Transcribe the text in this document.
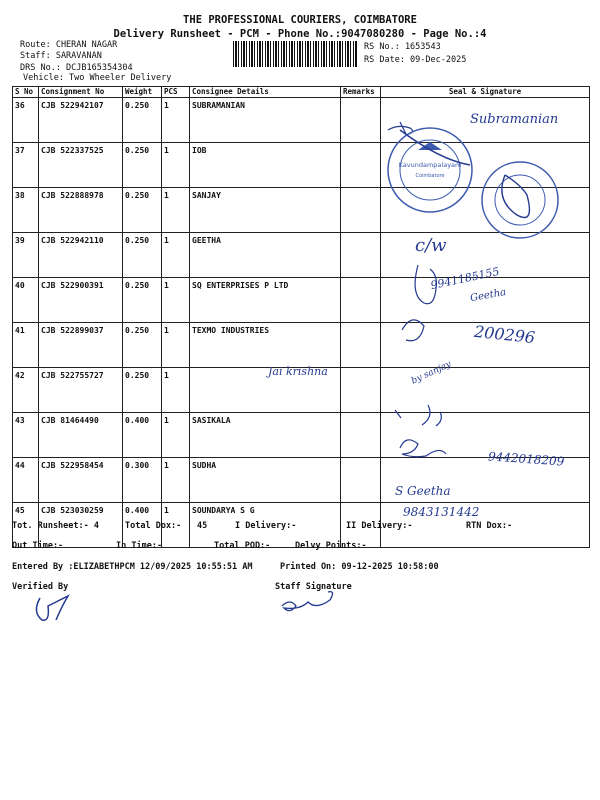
THE PROFESSIONAL COURIERS, COIMBATORE
Delivery Runsheet - PCM - Phone No.:9047080280 - Page No.:4
Route: CHERAN NAGAR
Staff: SARAVANAN
DRS No.: DCJB165354304
Vehicle: Two Wheeler Delivery
RS No.: 1653543
RS Date: 09-Dec-2025
S No	Consignment No	Weight	PCS	Consignee Details	Remarks	Seal & Signature
36	CJB 522942107	0.250	1	SUBRAMANIAN		
37	CJB 522337525	0.250	1	IOB		
38	CJB 522888978	0.250	1	SANJAY		
39	CJB 522942110	0.250	1	GEETHA		
40	CJB 522900391	0.250	1	SQ ENTERPRISES P LTD		
41	CJB 522899037	0.250	1	TEXMO INDUSTRIES		
42	CJB 522755727	0.250	1			
43	CJB 81464490	0.400	1	SASIKALA		
44	CJB 522958454	0.300	1	SUDHA		
45	CJB 523030259	0.400	1	SOUNDARYA S G		
Kavundampalayam
Coimbatore
Subramanian
c/w
9941185155
Geetha
200296
Jai krishna	by sanjay
9442018209
S Geetha
9843131442
Tot. Runsheet:- 4	Total Dox:- 45	I Delivery:-	II Delivery:-	RTN Dox:-
Out Time:-	In Time:-	Total POD:-	Delvy Points:-
Entered By :ELIZABETHPCM 12/09/2025 10:55:51 AM	Printed On: 09-12-2025 10:58:00
Verified By	Staff Signature
